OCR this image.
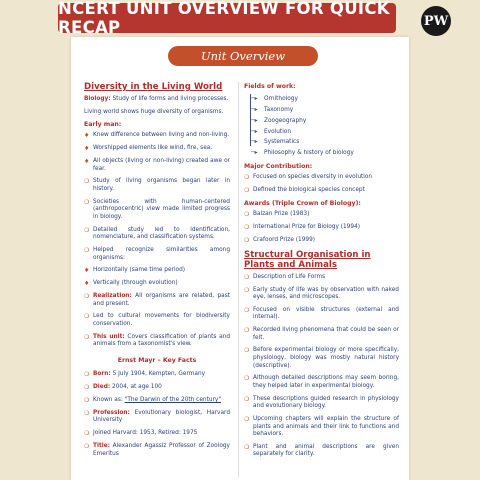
NCERT UNIT OVERVIEW FOR QUICK RECAP	PW
Unit Overview
Diversity in the Living World
Biology: Study of life forms and living processes.
Living world shows huge diversity of organisms.
Early man:
♦ Knew difference between living and non-living.
♦ Worshipped elements like wind, fire, sea.
♦ All objects (living or non-living) created awe or fear.
❍ Study of living organisms began later in history.
❍ Societies with human-centered (anthropocentric) view made limited progress in biology.
❍ Detailed study led to identification, nomenclature, and classification systems.
❍ Helped recognize similarities among organisms:
♦ Horizontally (same time period)
♦ Vertically (through evolution)
❍ Realization: All organisms are related, past and present.
❍ Led to cultural movements for biodiversity conservation.
❍ This unit: Covers classification of plants and animals from a taxonomist's view.
Ernst Mayr – Key Facts
❍ Born: 5 July 1904, Kempten, Germany
❍ Died: 2004, at age 100
❍ Known as: "The Darwin of the 20th century"
❍ Profession: Evolutionary biologist, Harvard University
❍ Joined Harvard: 1953, Retired: 1975
❍ Title: Alexander Agassiz Professor of Zoology Emeritus
Fields of work:
─▸ Ornithology
─▸ Taxonomy
─▸ Zoogeography
─▸ Evolution
─▸ Systematics
─▸ Philosophy & history of biology
Major Contribution:
❍ Focused on species diversity in evolution
❍ Defined the biological species concept
Awards (Triple Crown of Biology):
❍ Balzan Prize (1983)
❍ International Prize for Biology (1994)
❍ Crafoord Prize (1999)
Structural Organisation in Plants and Animals
❍ Description of Life Forms
❍ Early study of life was by observation with naked eye, lenses, and microscopes.
❍ Focused on visible structures (external and internal).
❍ Recorded living phenomena that could be seen or felt.
❍ Before experimental biology or more specifically, physiology, biology was mostly natural history (descriptive).
❍ Although detailed descriptions may seem boring, they helped later in experimental biology.
❍ These descriptions guided research in physiology and evolutionary biology.
❍ Upcoming chapters will explain the structure of plants and animals and their link to functions and behaviors.
❍ Plant and animal descriptions are given separately for clarity.
